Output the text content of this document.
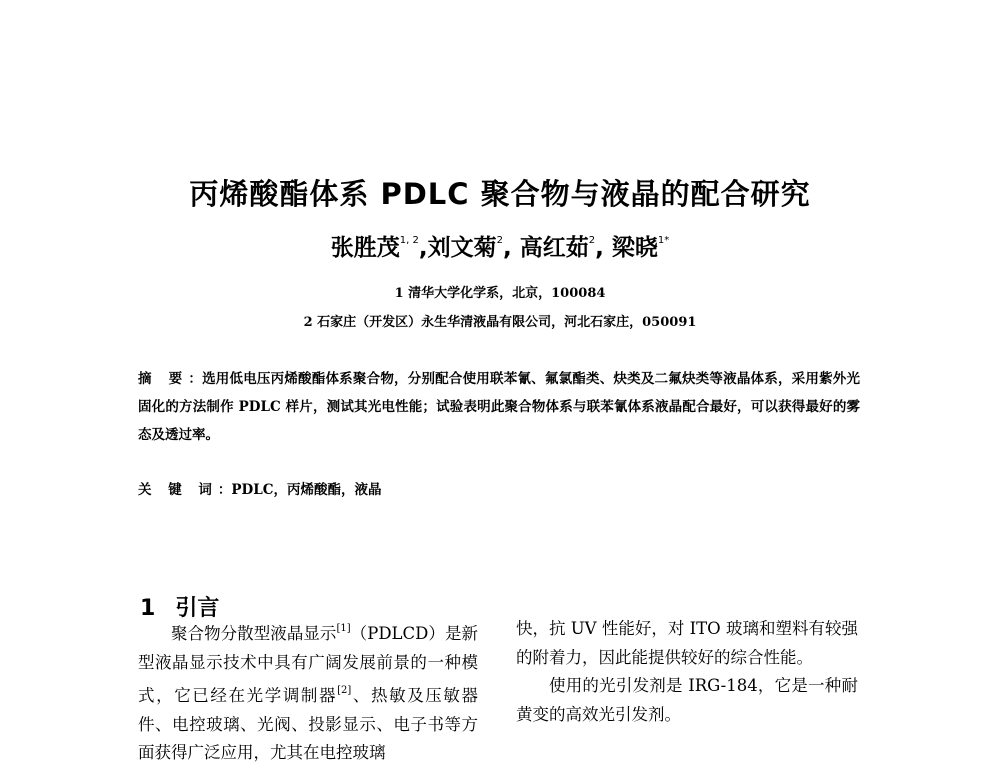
丙烯酸酯体系 PDLC 聚合物与液晶的配合研究
张胜茂$^{1, 2}$,刘文菊$^2$, 高红茹$^2$, 梁晓$^{1*}$
1 清华大学化学系，北京，100084
2 石家庄（开发区）永生华清液晶有限公司，河北石家庄，050091
摘 要：选用低电压丙烯酸酯体系聚合物，分别配合使用联苯氰、氟氯酯类、炔类及二氟炔类等液晶体系，采用紫外光固化的方法制作 PDLC 样片，测试其光电性能；试验表明此聚合物体系与联苯氰体系液晶配合最好，可以获得最好的雾态及透过率。
关 键 词：PDLC，丙烯酸酯，液晶
1 引言

聚合物分散型液晶显示[1]（PDLCD）是新型液晶显示技术中具有广阔发展前景的一种模式，它已经在光学调制器[2]、热敏及压敏器件、电控玻璃、光阀、投影显示、电子书等方面获得广泛应用，尤其在电控玻璃

快，抗 UV 性能好，对 ITO 玻璃和塑料有较强的附着力，因此能提供较好的综合性能。

使用的光引发剂是 IRG-184，它是一种耐黄变的高效光引发剂。
